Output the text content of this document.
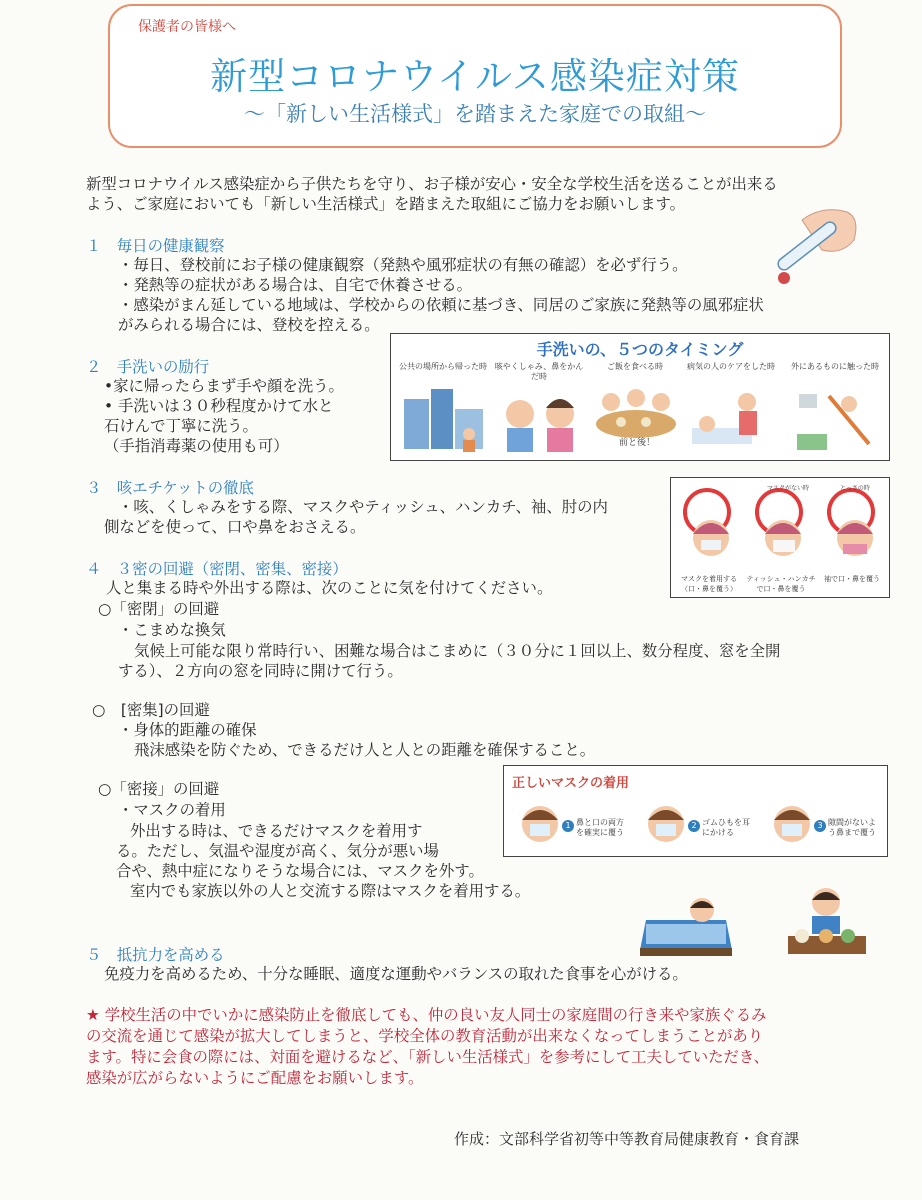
保護者の皆様へ
新型コロナウイルス感染症対策
〜「新しい生活様式」を踏まえた家庭での取組〜
新型コロナウイルス感染症から子供たちを守り、お子様が安心・安全な学校生活を送ることが出来る
よう、ご家庭においても「新しい生活様式」を踏まえた取組にご協力をお願いします。
１　毎日の健康観察
・毎日、登校前にお子様の健康観察（発熱や風邪症状の有無の確認）を必ず行う。
・発熱等の症状がある場合は、自宅で休養させる。
・感染がまん延している地域は、学校からの依頼に基づき、同居のご家族に発熱等の風邪症状
がみられる場合には、登校を控える。
２　手洗いの励行
•家に帰ったらまず手や顔を洗う。
• 手洗いは３０秒程度かけて水と
石けんで丁寧に洗う。
（手指消毒薬の使用も可）
手洗いの、５つのタイミング
公共の場所から帰った時 咳やくしゃみ、鼻をかんだ時
ご飯を食べる時	病気の人のケアをした時	外にあるものに触った時
前と後！
３　咳エチケットの徹底
・咳、くしゃみをする際、マスクやティッシュ、ハンカチ、袖、肘の内
側などを使って、口や鼻をおさえる。
マスクがない時	とっさの時
マスクを着用する（口・鼻を覆う）
ティッシュ・ハンカチで口・鼻を覆う
袖で口・鼻を覆う
４　３密の回避（密閉、密集、密接）
人と集まる時や外出する際は、次のことに気を付けてください。
○「密閉」の回避
・こまめな換気
気候上可能な限り常時行い、困難な場合はこまめに（３０分に１回以上、数分程度、窓を全開
する）、２方向の窓を同時に開けて行う。
○　[密集]の回避
・身体的距離の確保
飛沫感染を防ぐため、できるだけ人と人との距離を確保すること。
○「密接」の回避
・マスクの着用
外出する時は、できるだけマスクを着用す
る。ただし、気温や湿度が高く、気分が悪い場
合や、熱中症になりそうな場合には、マスクを外す。
室内でも家族以外の人と交流する際はマスクを着用する。
正しいマスクの着用
1 鼻と口の両方を確実に覆う
2 ゴムひもを耳にかける
3 隙間がないよう鼻まで覆う
５　抵抗力を高める
免疫力を高めるため、十分な睡眠、適度な運動やバランスの取れた食事を心がける。
★ 学校生活の中でいかに感染防止を徹底しても、仲の良い友人同士の家庭間の行き来や家族ぐるみ
の交流を通じて感染が拡大してしまうと、学校全体の教育活動が出来なくなってしまうことがあり
ます。特に会食の際には、対面を避けるなど、「新しい生活様式」を参考にして工夫していただき、
感染が広がらないようにご配慮をお願いします。
作成：文部科学省初等中等教育局健康教育・食育課
